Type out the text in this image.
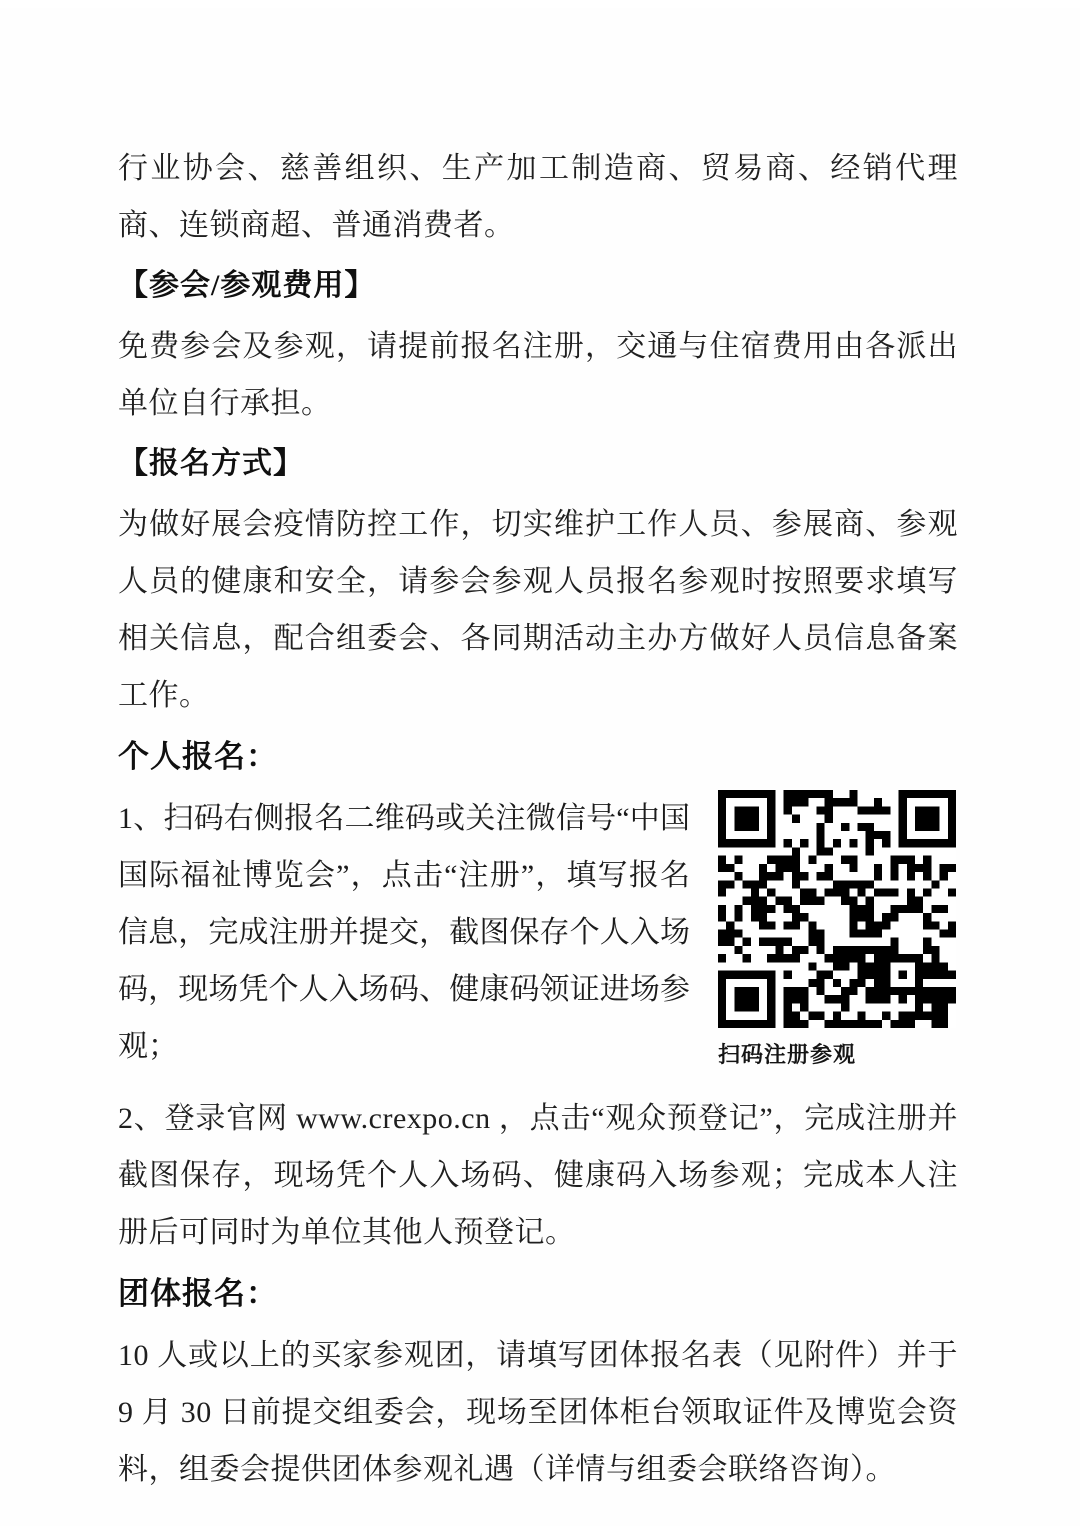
行业协会、慈善组织、生产加工制造商、贸易商、经销代理商、连锁商超、普通消费者。

【参会/参观费用】

免费参会及参观，请提前报名注册，交通与住宿费用由各派出单位自行承担。

【报名方式】

为做好展会疫情防控工作，切实维护工作人员、参展商、参观人员的健康和安全，请参会参观人员报名参观时按照要求填写相关信息，配合组委会、各同期活动主办方做好人员信息备案工作。

个人报名：
扫码注册参观

1、扫码右侧报名二维码或关注微信号“中国国际福祉博览会”，点击“注册”，填写报名信息，完成注册并提交，截图保存个人入场码，现场凭个人入场码、健康码领证进场参观；

2、登录官网 www.crexpo.cn ，点击“观众预登记”，完成注册并截图保存，现场凭个人入场码、健康码入场参观；完成本人注册后可同时为单位其他人预登记。

团体报名：

10 人或以上的买家参观团，请填写团体报名表（见附件）并于 9 月 30 日前提交组委会，现场至团体柜台领取证件及博览会资料，组委会提供团体参观礼遇（详情与组委会联络咨询）。
